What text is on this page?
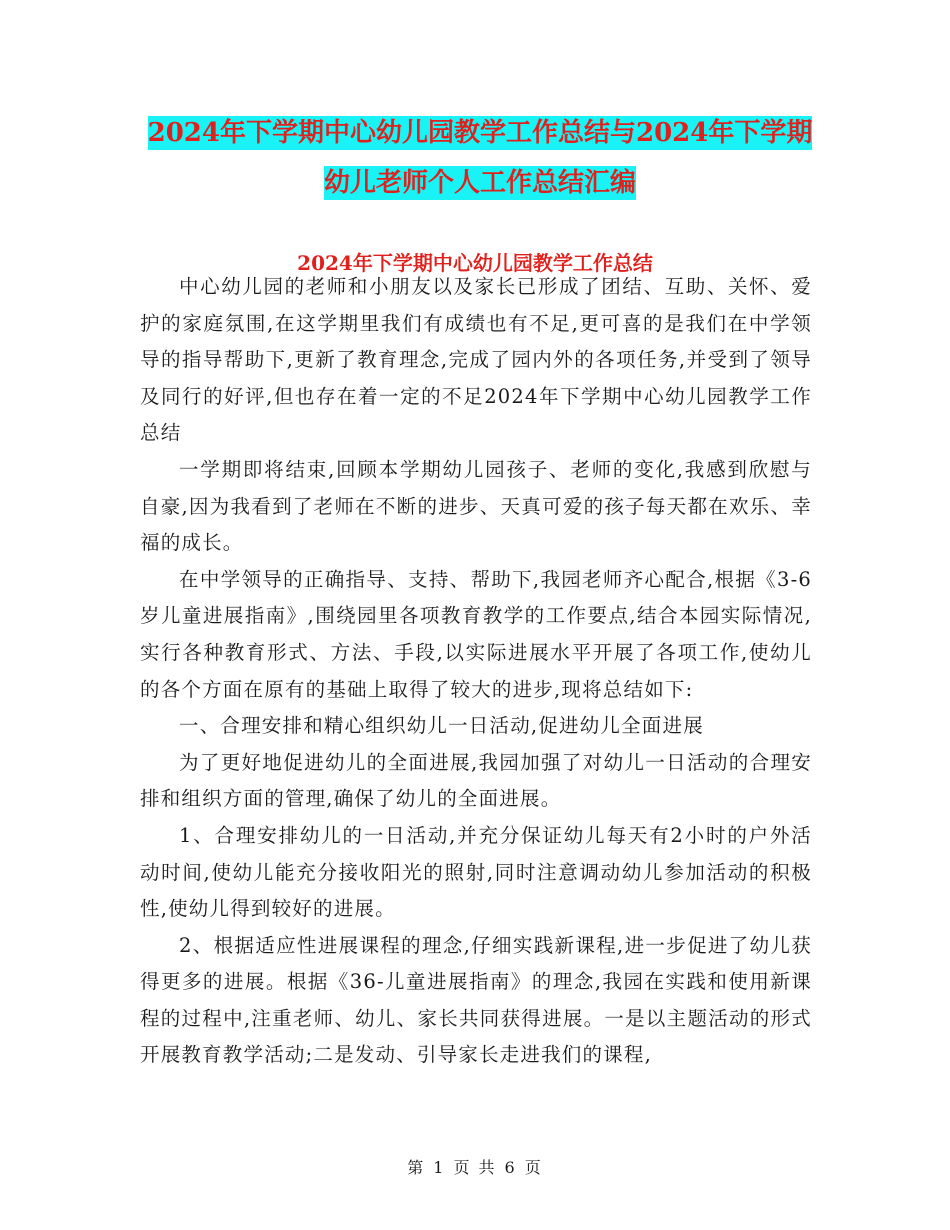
2024年下学期中心幼儿园教学工作总结与2024年下学期幼儿老师个人工作总结汇编
2024年下学期中心幼儿园教学工作总结

中心幼儿园的老师和小朋友以及家长已形成了团结、互助、关怀、爱护的家庭氛围,在这学期里我们有成绩也有不足,更可喜的是我们在中学领导的指导帮助下,更新了教育理念,完成了园内外的各项任务,并受到了领导及同行的好评,但也存在着一定的不足2024年下学期中心幼儿园教学工作总结

一学期即将结束,回顾本学期幼儿园孩子、老师的变化,我感到欣慰与自豪,因为我看到了老师在不断的进步、天真可爱的孩子每天都在欢乐、幸福的成长。

在中学领导的正确指导、支持、帮助下,我园老师齐心配合,根据《3-6岁儿童进展指南》,围绕园里各项教育教学的工作要点,结合本园实际情况,实行各种教育形式、方法、手段,以实际进展水平开展了各项工作,使幼儿的各个方面在原有的基础上取得了较大的进步,现将总结如下:

一、合理安排和精心组织幼儿一日活动,促进幼儿全面进展

为了更好地促进幼儿的全面进展,我园加强了对幼儿一日活动的合理安排和组织方面的管理,确保了幼儿的全面进展。

1、合理安排幼儿的一日活动,并充分保证幼儿每天有2小时的户外活动时间,使幼儿能充分接收阳光的照射,同时注意调动幼儿参加活动的积极性,使幼儿得到较好的进展。

2、根据适应性进展课程的理念,仔细实践新课程,进一步促进了幼儿获得更多的进展。根据《36-儿童进展指南》的理念,我园在实践和使用新课程的过程中,注重老师、幼儿、家长共同获得进展。一是以主题活动的形式开展教育教学活动;二是发动、引导家长走进我们的课程,

第 1 页 共 6 页
